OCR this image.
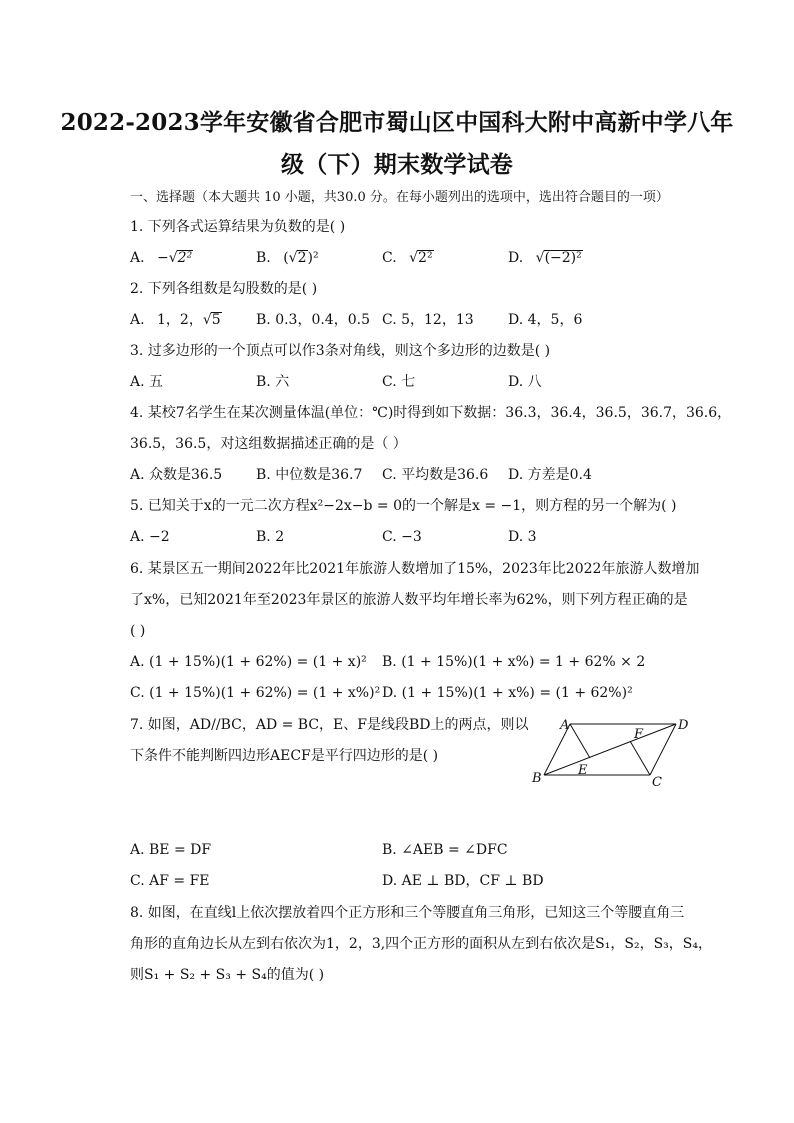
2022-2023学年安徽省合肥市蜀山区中国科大附中高新中学八年
级（下）期末数学试卷
一、选择题（本大题共 10 小题，共30.0 分。在每小题列出的选项中，选出符合题目的一项）
1. 下列各式运算结果为负数的是( )
A. −√2²	B. (√2)²	C. √2²	D. √(−2)²
2. 下列各组数是勾股数的是( )
A. 1，2，√5	B. 0.3，0.4，0.5 C. 5，12，13 D. 4，5，6
3. 过多边形的一个顶点可以作3条对角线，则这个多边形的边数是( )
A. 五	B. 六	C. 七	D. 八
4. 某校7名学生在某次测量体温(单位：℃)时得到如下数据：36.3，36.4，36.5，36.7，36.6，
36.5，36.5，对这组数据描述正确的是（ ）
A. 众数是36.5 B. 中位数是36.7 C. 平均数是36.6 D. 方差是0.4
5. 已知关于x的一元二次方程x²−2x−b = 0的一个解是x = −1，则方程的另一个解为( )
A. −2	B. 2	C. −3	D. 3
6. 某景区五一期间2022年比2021年旅游人数增加了15%，2023年比2022年旅游人数增加
了x%，已知2021年至2023年景区的旅游人数平均年增长率为62%，则下列方程正确的是
( )
A. (1 + 15%)(1 + 62%) = (1 + x)² B. (1 + 15%)(1 + x%) = 1 + 62% × 2
C. (1 + 15%)(1 + 62%) = (1 + x%)² D. (1 + 15%)(1 + x%) = (1 + 62%)²
7. 如图，AD//BC，AD = BC，E、F是线段BD上的两点，则以
下条件不能判断四边形AECF是平行四边形的是( )
A	D
F
E
B	C
A. BE = DF	B. ∠AEB = ∠DFC
C. AF = FE	D. AE ⊥ BD，CF ⊥ BD
8. 如图，在直线l上依次摆放着四个正方形和三个等腰直角三角形，已知这三个等腰直角三
角形的直角边长从左到右依次为1，2，3,四个正方形的面积从左到右依次是S₁，S₂，S₃，S₄，
则S₁ + S₂ + S₃ + S₄的值为( )
